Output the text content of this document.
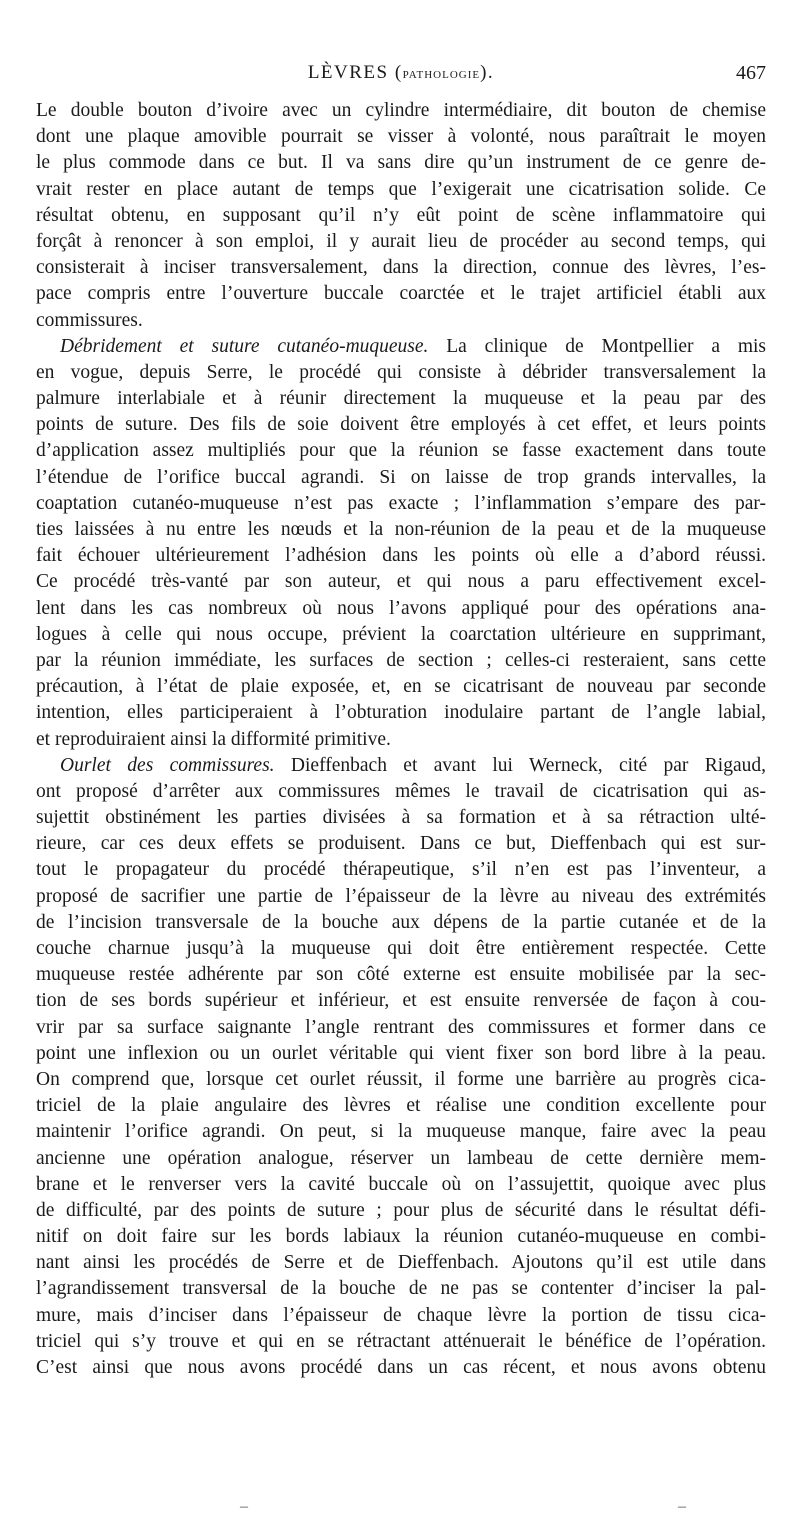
LÈVRES (pathologie).	467
Le double bouton d’ivoire avec un cylindre intermédiaire, dit bouton de chemise
dont une plaque amovible pourrait se visser à volonté, nous paraîtrait le moyen
le plus commode dans ce but. Il va sans dire qu’un instrument de ce genre de-
vrait rester en place autant de temps que l’exigerait une cicatrisation solide. Ce
résultat obtenu, en supposant qu’il n’y eût point de scène inflammatoire qui
forçât à renoncer à son emploi, il y aurait lieu de procéder au second temps, qui
consisterait à inciser transversalement, dans la direction, connue des lèvres, l’es-
pace compris entre l’ouverture buccale coarctée et le trajet artificiel établi aux
commissures.
Débridement et suture cutanéo-muqueuse. La clinique de Montpellier a mis
en vogue, depuis Serre, le procédé qui consiste à débrider transversalement la
palmure interlabiale et à réunir directement la muqueuse et la peau par des
points de suture. Des fils de soie doivent être employés à cet effet, et leurs points
d’application assez multipliés pour que la réunion se fasse exactement dans toute
l’étendue de l’orifice buccal agrandi. Si on laisse de trop grands intervalles, la
coaptation cutanéo-muqueuse n’est pas exacte ; l’inflammation s’empare des par-
ties laissées à nu entre les nœuds et la non-réunion de la peau et de la muqueuse
fait échouer ultérieurement l’adhésion dans les points où elle a d’abord réussi.
Ce procédé très-vanté par son auteur, et qui nous a paru effectivement excel-
lent dans les cas nombreux où nous l’avons appliqué pour des opérations ana-
logues à celle qui nous occupe, prévient la coarctation ultérieure en supprimant,
par la réunion immédiate, les surfaces de section ; celles-ci resteraient, sans cette
précaution, à l’état de plaie exposée, et, en se cicatrisant de nouveau par seconde
intention, elles participeraient à l’obturation inodulaire partant de l’angle labial,
et reproduiraient ainsi la difformité primitive.
Ourlet des commissures. Dieffenbach et avant lui Werneck, cité par Rigaud,
ont proposé d’arrêter aux commissures mêmes le travail de cicatrisation qui as-
sujettit obstinément les parties divisées à sa formation et à sa rétraction ulté-
rieure, car ces deux effets se produisent. Dans ce but, Dieffenbach qui est sur-
tout le propagateur du procédé thérapeutique, s’il n’en est pas l’inventeur, a
proposé de sacrifier une partie de l’épaisseur de la lèvre au niveau des extrémités
de l’incision transversale de la bouche aux dépens de la partie cutanée et de la
couche charnue jusqu’à la muqueuse qui doit être entièrement respectée. Cette
muqueuse restée adhérente par son côté externe est ensuite mobilisée par la sec-
tion de ses bords supérieur et inférieur, et est ensuite renversée de façon à cou-
vrir par sa surface saignante l’angle rentrant des commissures et former dans ce
point une inflexion ou un ourlet véritable qui vient fixer son bord libre à la peau.
On comprend que, lorsque cet ourlet réussit, il forme une barrière au progrès cica-
triciel de la plaie angulaire des lèvres et réalise une condition excellente pour
maintenir l’orifice agrandi. On peut, si la muqueuse manque, faire avec la peau
ancienne une opération analogue, réserver un lambeau de cette dernière mem-
brane et le renverser vers la cavité buccale où on l’assujettit, quoique avec plus
de difficulté, par des points de suture ; pour plus de sécurité dans le résultat défi-
nitif on doit faire sur les bords labiaux la réunion cutanéo-muqueuse en combi-
nant ainsi les procédés de Serre et de Dieffenbach. Ajoutons qu’il est utile dans
l’agrandissement transversal de la bouche de ne pas se contenter d’inciser la pal-
mure, mais d’inciser dans l’épaisseur de chaque lèvre la portion de tissu cica-
triciel qui s’y trouve et qui en se rétractant atténuerait le bénéfice de l’opération.
C’est ainsi que nous avons procédé dans un cas récent, et nous avons obtenu
–	–
